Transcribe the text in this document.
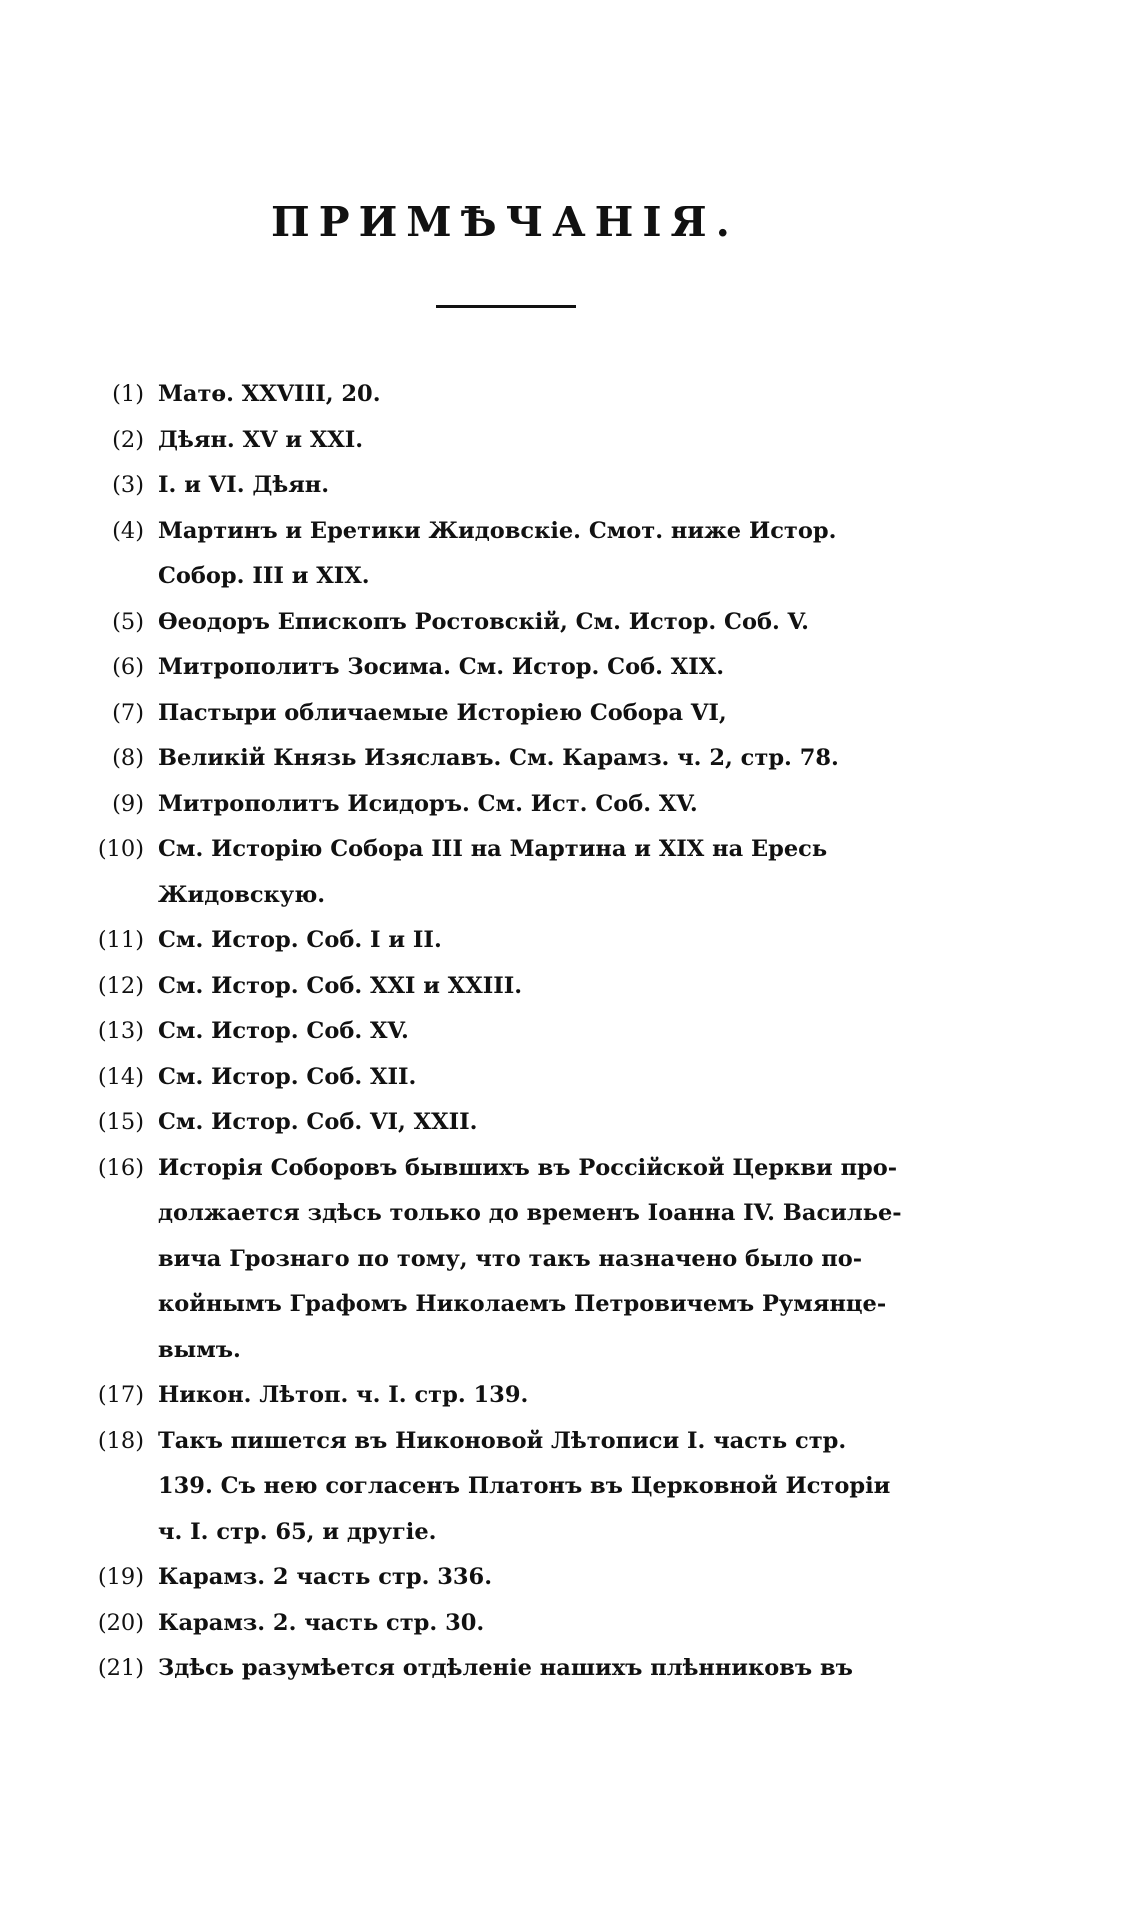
ПРИМѢЧАНІЯ.
(1) Матѳ. XXVIII, 20.
(2) Дѣян. XV и XXI.
(3) I. и VI. Дѣян.
(4) Мартинъ и Еретики Жидовскіе. Смот. ниже Истор.
Собор. III и XIX.
(5) Ѳеодоръ Епископъ Ростовскій, См. Истор. Соб. V.
(6) Митрополитъ Зосима. См. Истор. Соб. XIX.
(7) Пастыри обличаемые Исторіею Собора VI,
(8) Великій Князь Изяславъ. См. Карамз. ч. 2, стр. 78.
(9) Митрополитъ Исидоръ. См. Ист. Соб. XV.
(10) См. Исторію Собора III на Мартина и XIX на Ересь
Жидовскую.
(11) См. Истор. Соб. I и II.
(12) См. Истор. Соб. XXI и XXIII.
(13) См. Истор. Соб. XV.
(14) См. Истор. Соб. XII.
(15) См. Истор. Соб. VI, XXII.
(16) Исторія Соборовъ бывшихъ въ Россійской Церкви про-
должается здѣсь только до временъ Іоанна IV. Василье-
вича Грознаго по тому, что такъ назначено было по-
койнымъ Графомъ Николаемъ Петровичемъ Румянце-
вымъ.
(17) Никон. Лѣтоп. ч. I. стр. 139.
(18) Такъ пишется въ Никоновой Лѣтописи I. часть стр.
139. Съ нею согласенъ Платонъ въ Церковной Исторіи
ч. I. стр. 65, и другіе.
(19) Карамз. 2 часть стр. 336.
(20) Карамз. 2. часть стр. 30.
(21) Здѣсь разумѣется отдѣленіе нашихъ плѣнниковъ въ
